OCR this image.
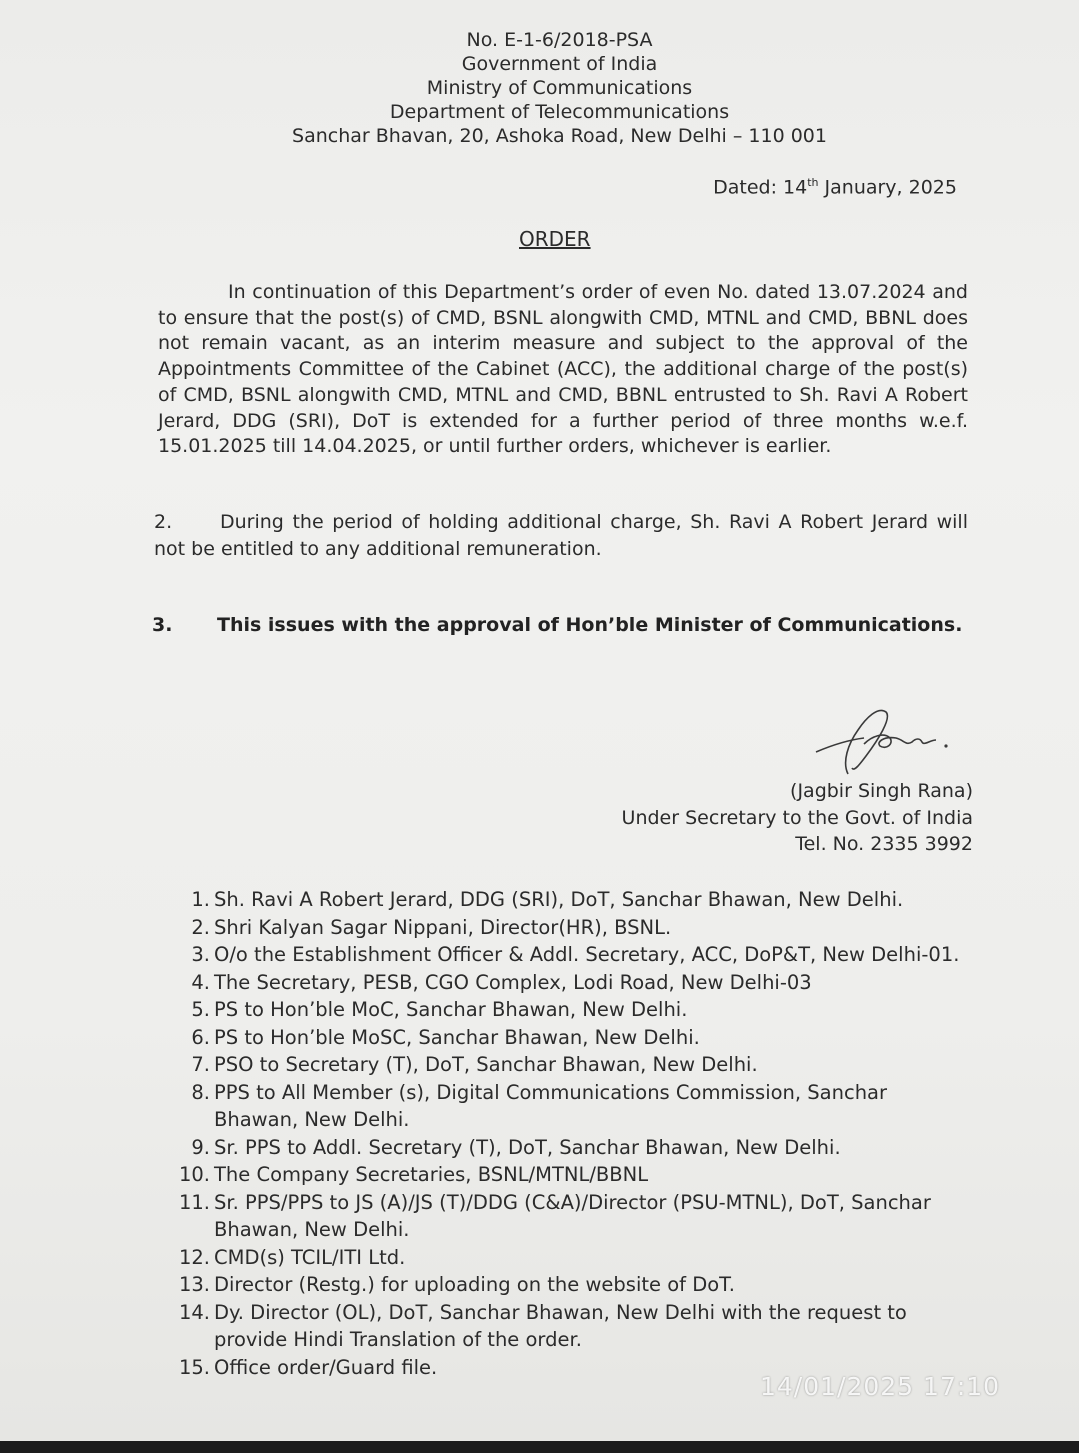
No. E-1-6/2018-PSA
Government of India
Ministry of Communications
Department of Telecommunications
Sanchar Bhavan, 20, Ashoka Road, New Delhi – 110 001
Dated: 14th January, 2025
ORDER
In continuation of this Department’s order of even No. dated 13.07.2024 and to ensure that the post(s) of CMD, BSNL alongwith CMD, MTNL and CMD, BBNL does not remain vacant, as an interim measure and subject to the approval of the Appointments Committee of the Cabinet (ACC), the additional charge of the post(s) of CMD, BSNL alongwith CMD, MTNL and CMD, BBNL entrusted to Sh. Ravi A Robert Jerard, DDG (SRI), DoT is extended for a further period of three months w.e.f. 15.01.2025 till 14.04.2025, or until further orders, whichever is earlier.
2.	During the period of holding additional charge, Sh. Ravi A Robert Jerard will not be entitled to any additional remuneration.
3. This issues with the approval of Hon’ble Minister of Communications.
(Jagbir Singh Rana)
Under Secretary to the Govt. of India
Tel. No. 2335 3992
1. Sh. Ravi A Robert Jerard, DDG (SRI), DoT, Sanchar Bhawan, New Delhi.
2. Shri Kalyan Sagar Nippani, Director(HR), BSNL.
3. O/o the Establishment Officer & Addl. Secretary, ACC, DoP&T, New Delhi-01.
4. The Secretary, PESB, CGO Complex, Lodi Road, New Delhi-03
5. PS to Hon’ble MoC, Sanchar Bhawan, New Delhi.
6. PS to Hon’ble MoSC, Sanchar Bhawan, New Delhi.
7. PSO to Secretary (T), DoT, Sanchar Bhawan, New Delhi.
8. PPS to All Member (s), Digital Communications Commission, Sanchar Bhawan, New Delhi.
9. Sr. PPS to Addl. Secretary (T), DoT, Sanchar Bhawan, New Delhi.
10. The Company Secretaries, BSNL/MTNL/BBNL
11. Sr. PPS/PPS to JS (A)/JS (T)/DDG (C&A)/Director (PSU-MTNL), DoT, Sanchar Bhawan, New Delhi.
12. CMD(s) TCIL/ITI Ltd.
13. Director (Restg.) for uploading on the website of DoT.
14. Dy. Director (OL), DoT, Sanchar Bhawan, New Delhi with the request to provide Hindi Translation of the order.
15. Office order/Guard file.
14/01/2025 17:10
